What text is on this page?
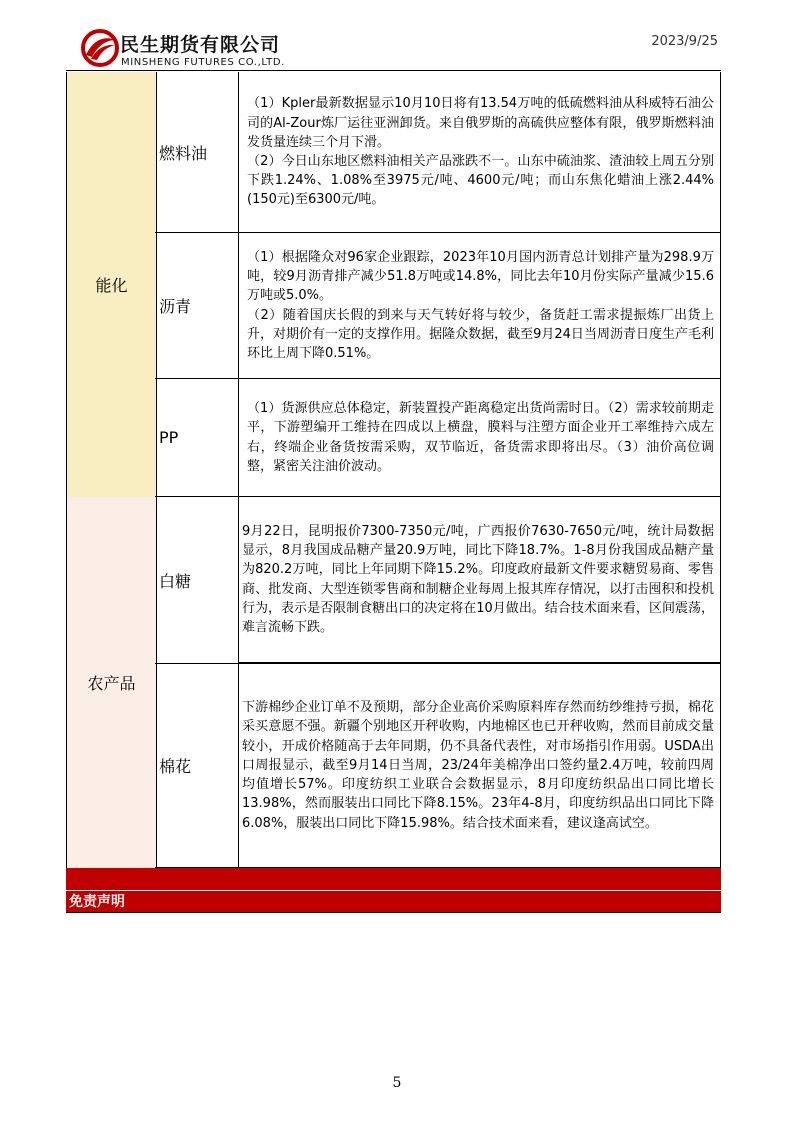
民生期货有限公司
MINSHENG FUTURES CO.,LTD.
2023/9/25
能化
农产品
燃料油

（1）Kpler最新数据显示10月10日将有13.54万吨的低硫燃料油从科威特石油公司的Al-Zour炼厂运往亚洲卸货。来自俄罗斯的高硫供应整体有限，俄罗斯燃料油发货量连续三个月下滑。
（2）今日山东地区燃料油相关产品涨跌不一。山东中硫油浆、渣油较上周五分别下跌1.24%、1.08%至3975元/吨、4600元/吨；而山东焦化蜡油上涨2.44%(150元)至6300元/吨。

沥青

（1）根据隆众对96家企业跟踪，2023年10月国内沥青总计划排产量为298.9万吨，较9月沥青排产减少51.8万吨或14.8%，同比去年10月份实际产量减少15.6万吨或5.0%。
（2）随着国庆长假的到来与天气转好将与较少，备货赶工需求提振炼厂出货上升，对期价有一定的支撑作用。据隆众数据，截至9月24日当周沥青日度生产毛利环比上周下降0.51%。

PP

（1）货源供应总体稳定，新装置投产距离稳定出货尚需时日。（2）需求较前期走平，下游塑编开工维持在四成以上横盘，膜料与注塑方面企业开工率维持六成左右，终端企业备货按需采购，双节临近，备货需求即将出尽。（3）油价高位调整，紧密关注油价波动。

白糖

9月22日，昆明报价7300-7350元/吨，广西报价7630-7650元/吨，统计局数据显示，8月我国成品糖产量20.9万吨，同比下降18.7%。1-8月份我国成品糖产量为820.2万吨，同比上年同期下降15.2%。印度政府最新文件要求糖贸易商、零售商、批发商、大型连锁零售商和制糖企业每周上报其库存情况，以打击囤积和投机行为，表示是否限制食糖出口的决定将在10月做出。结合技术面来看，区间震荡，难言流畅下跌。

棉花

下游棉纱企业订单不及预期，部分企业高价采购原料库存然而纺纱维持亏损，棉花采买意愿不强。新疆个别地区开秤收购，内地棉区也已开秤收购，然而目前成交量较小，开成价格随高于去年同期，仍不具备代表性，对市场指引作用弱。USDA出口周报显示，截至9月14日当周，23/24年美棉净出口签约量2.4万吨，较前四周均值增长57%。印度纺织工业联合会数据显示，8月印度纺织品出口同比增长13.98%，然而服装出口同比下降8.15%。23年4-8月，印度纺织品出口同比下降6.08%，服装出口同比下降15.98%。结合技术面来看，建议逢高试空。

免责声明
5
